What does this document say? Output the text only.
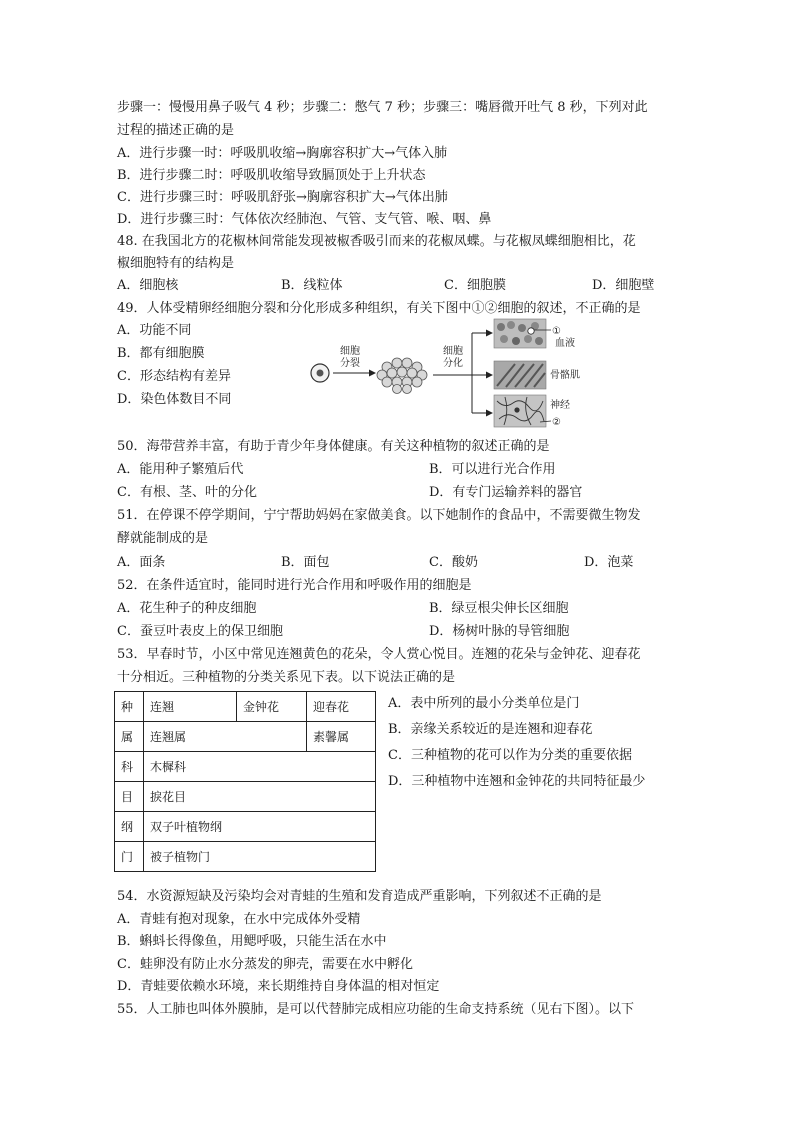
步骤一：慢慢用鼻子吸气 4 秒；步骤二：憋气 7 秒；步骤三：嘴唇微开吐气 8 秒，下列对此
过程的描述正确的是
A．进行步骤一时：呼吸肌收缩→胸廓容积扩大→气体入肺
B．进行步骤二时：呼吸肌收缩导致膈顶处于上升状态
C．进行步骤三时：呼吸肌舒张→胸廓容积扩大→气体出肺
D．进行步骤三时：气体依次经肺泡、气管、支气管、喉、咽、鼻
48. 在我国北方的花椒林间常能发现被椒香吸引而来的花椒凤蝶。与花椒凤蝶细胞相比，花
椒细胞特有的结构是
A．细胞核	B．线粒体	C．细胞膜	D．细胞壁
49．人体受精卵经细胞分裂和分化形成多种组织，有关下图中①②细胞的叙述，不正确的是
A．功能不同
B．都有细胞膜
C．形态结构有差异
D．染色体数目不同
细胞
分裂
细胞
分化
①
血液
骨骼肌
神经
②
50．海带营养丰富，有助于青少年身体健康。有关这种植物的叙述正确的是
A．能用种子繁殖后代	B．可以进行光合作用
C．有根、茎、叶的分化	D．有专门运输养料的器官
51．在停课不停学期间，宁宁帮助妈妈在家做美食。以下她制作的食品中，不需要微生物发
酵就能制成的是
A．面条	B．面包	C．酸奶	D．泡菜
52．在条件适宜时，能同时进行光合作用和呼吸作用的细胞是
A．花生种子的种皮细胞	B．绿豆根尖伸长区细胞
C．蚕豆叶表皮上的保卫细胞	D．杨树叶脉的导管细胞
53．早春时节，小区中常见连翘黄色的花朵，令人赏心悦目。连翘的花朵与金钟花、迎春花
十分相近。三种植物的分类关系见下表。以下说法正确的是
A．表中所列的最小分类单位是门
B．亲缘关系较近的是连翘和迎春花
C．三种植物的花可以作为分类的重要依据
D．三种植物中连翘和金钟花的共同特征最少
种	连翘	金钟花	迎春花
属	连翘属		素馨属
科	木樨科		
目	捩花目		
纲	双子叶植物纲		
门	被子植物门		
54．水资源短缺及污染均会对青蛙的生殖和发育造成严重影响，下列叙述不正确的是
A．青蛙有抱对现象，在水中完成体外受精
B．蝌蚪长得像鱼，用鳃呼吸，只能生活在水中
C．蛙卵没有防止水分蒸发的卵壳，需要在水中孵化
D．青蛙要依赖水环境，来长期维持自身体温的相对恒定
55．人工肺也叫体外膜肺，是可以代替肺完成相应功能的生命支持系统（见右下图）。以下
